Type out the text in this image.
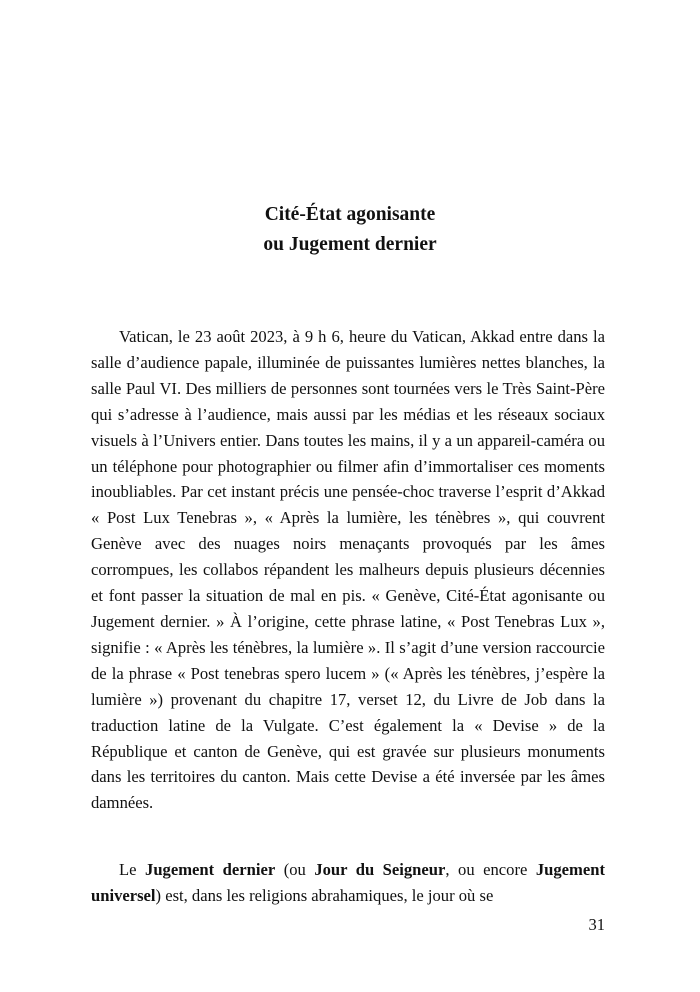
Cité-État agonisante
ou Jugement dernier

Vatican, le 23 août 2023, à 9 h 6, heure du Vatican, Akkad entre dans la salle d’audience papale, illuminée de puissantes lumières nettes blanches, la salle Paul VI. Des milliers de personnes sont tournées vers le Très Saint-Père qui s’adresse à l’audience, mais aussi par les médias et les réseaux sociaux visuels à l’Univers entier. Dans toutes les mains, il y a un appareil-caméra ou un téléphone pour photographier ou filmer afin d’immortaliser ces moments inoubliables. Par cet instant précis une pensée-choc traverse l’esprit d’Akkad « Post Lux Tenebras », « Après la lumière, les ténèbres », qui couvrent Genève avec des nuages noirs menaçants provoqués par les âmes corrompues, les collabos répandent les malheurs depuis plusieurs décennies et font passer la situation de mal en pis. « Genève, Cité-État agonisante ou Jugement dernier. » À l’origine, cette phrase latine, « Post Tenebras Lux », signifie : « Après les ténèbres, la lumière ». Il s’agit d’une version raccourcie de la phrase « Post tenebras spero lucem » (« Après les ténèbres, j’espère la lumière ») provenant du chapitre 17, verset 12, du Livre de Job dans la traduction latine de la Vulgate. C’est également la « Devise » de la République et canton de Genève, qui est gravée sur plusieurs monuments dans les territoires du canton. Mais cette Devise a été inversée par les âmes damnées.

Le Jugement dernier (ou Jour du Seigneur, ou encore Jugement universel) est, dans les religions abrahamiques, le jour où se

31
